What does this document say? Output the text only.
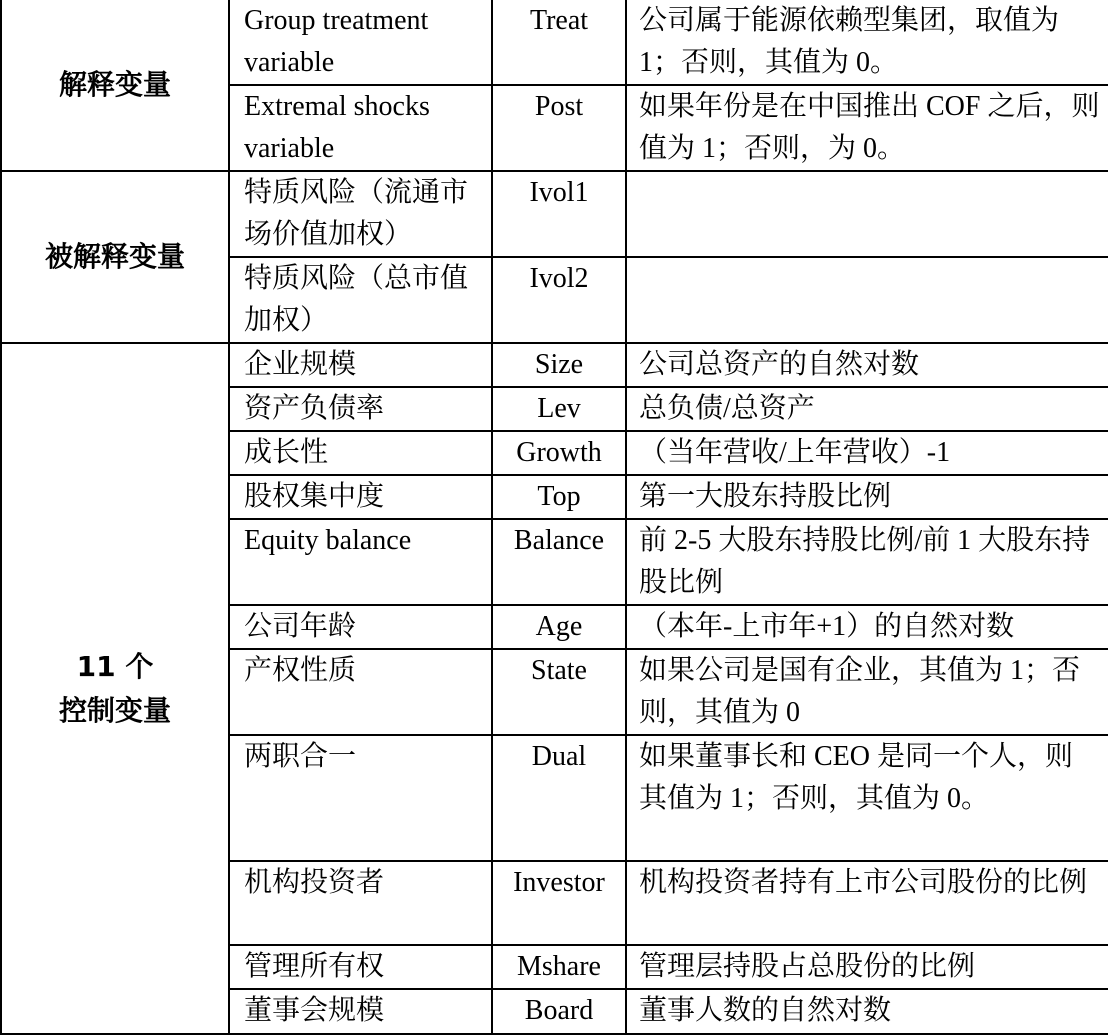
解释变量	Group treatment variable	Treat	公司属于能源依赖型集团，取值为 1；否则，其值为 0。
	Extremal shocks variable	Post	如果年份是在中国推出 COF 之后，则值为 1；否则，为 0。

被解释变量	特质风险（流通市场价值加权）	Ivol1	
	特质风险（总市值加权）	Ivol2	

11 个
控制变量	企业规模	Size	公司总资产的自然对数
	资产负债率	Lev	总负债/总资产
	成长性	Growth	（当年营收/上年营收）-1
	股权集中度	Top	第一大股东持股比例
	Equity balance	Balance	前 2-5 大股东持股比例/前 1 大股东持股比例
	公司年龄	Age	（本年-上市年+1）的自然对数
	产权性质	State	如果公司是国有企业，其值为 1；否则，其值为 0
	两职合一	Dual	如果董事长和 CEO 是同一个人，则其值为 1；否则，其值为 0。
	机构投资者	Investor	机构投资者持有上市公司股份的比例
	管理所有权	Mshare	管理层持股占总股份的比例
	董事会规模	Board	董事人数的自然对数
